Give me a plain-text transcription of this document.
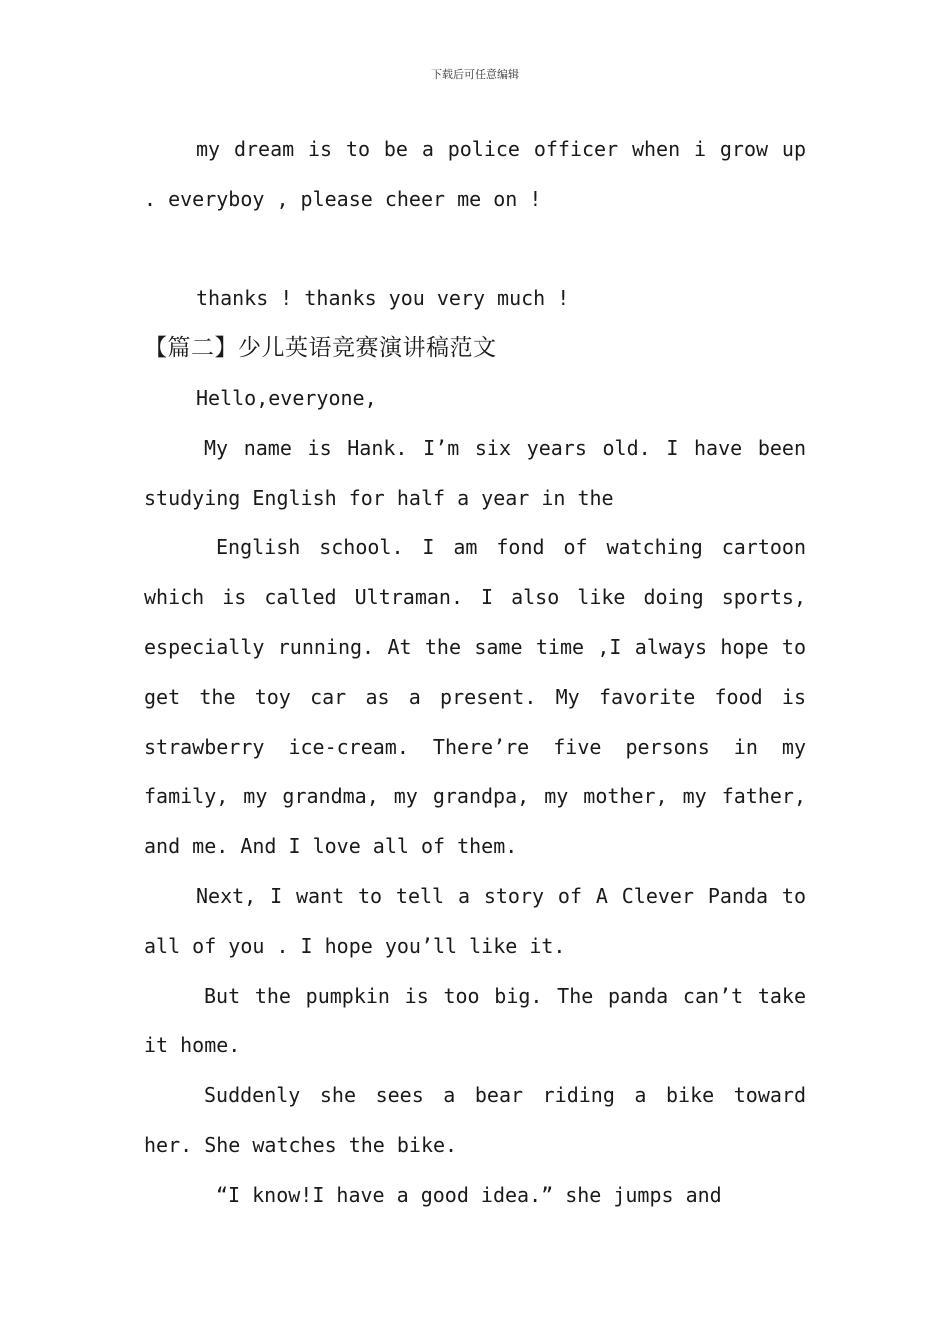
下载后可任意编辑

my dream is to be a police officer when i grow up . everyboy , please cheer me on !

thanks ! thanks you very much !

【篇二】少儿英语竞赛演讲稿范文

Hello,everyone,

My name is Hank. I’m six years old. I have been studying English for half a year in the

English school. I am fond of watching cartoon which is called Ultraman. I also like doing sports, especially running. At the same time ,I always hope to get the toy car as a present. My favorite food is strawberry ice-cream. There’re five persons in my family, my grandma, my grandpa, my mother, my father, and me. And I love all of them.

Next, I want to tell a story of A Clever Panda to all of you . I hope you’ll like it.

But the pumpkin is too big. The panda can’t take it home.

Suddenly she sees a bear riding a bike toward her. She watches the bike.

“I know!I have a good idea.” she jumps and
